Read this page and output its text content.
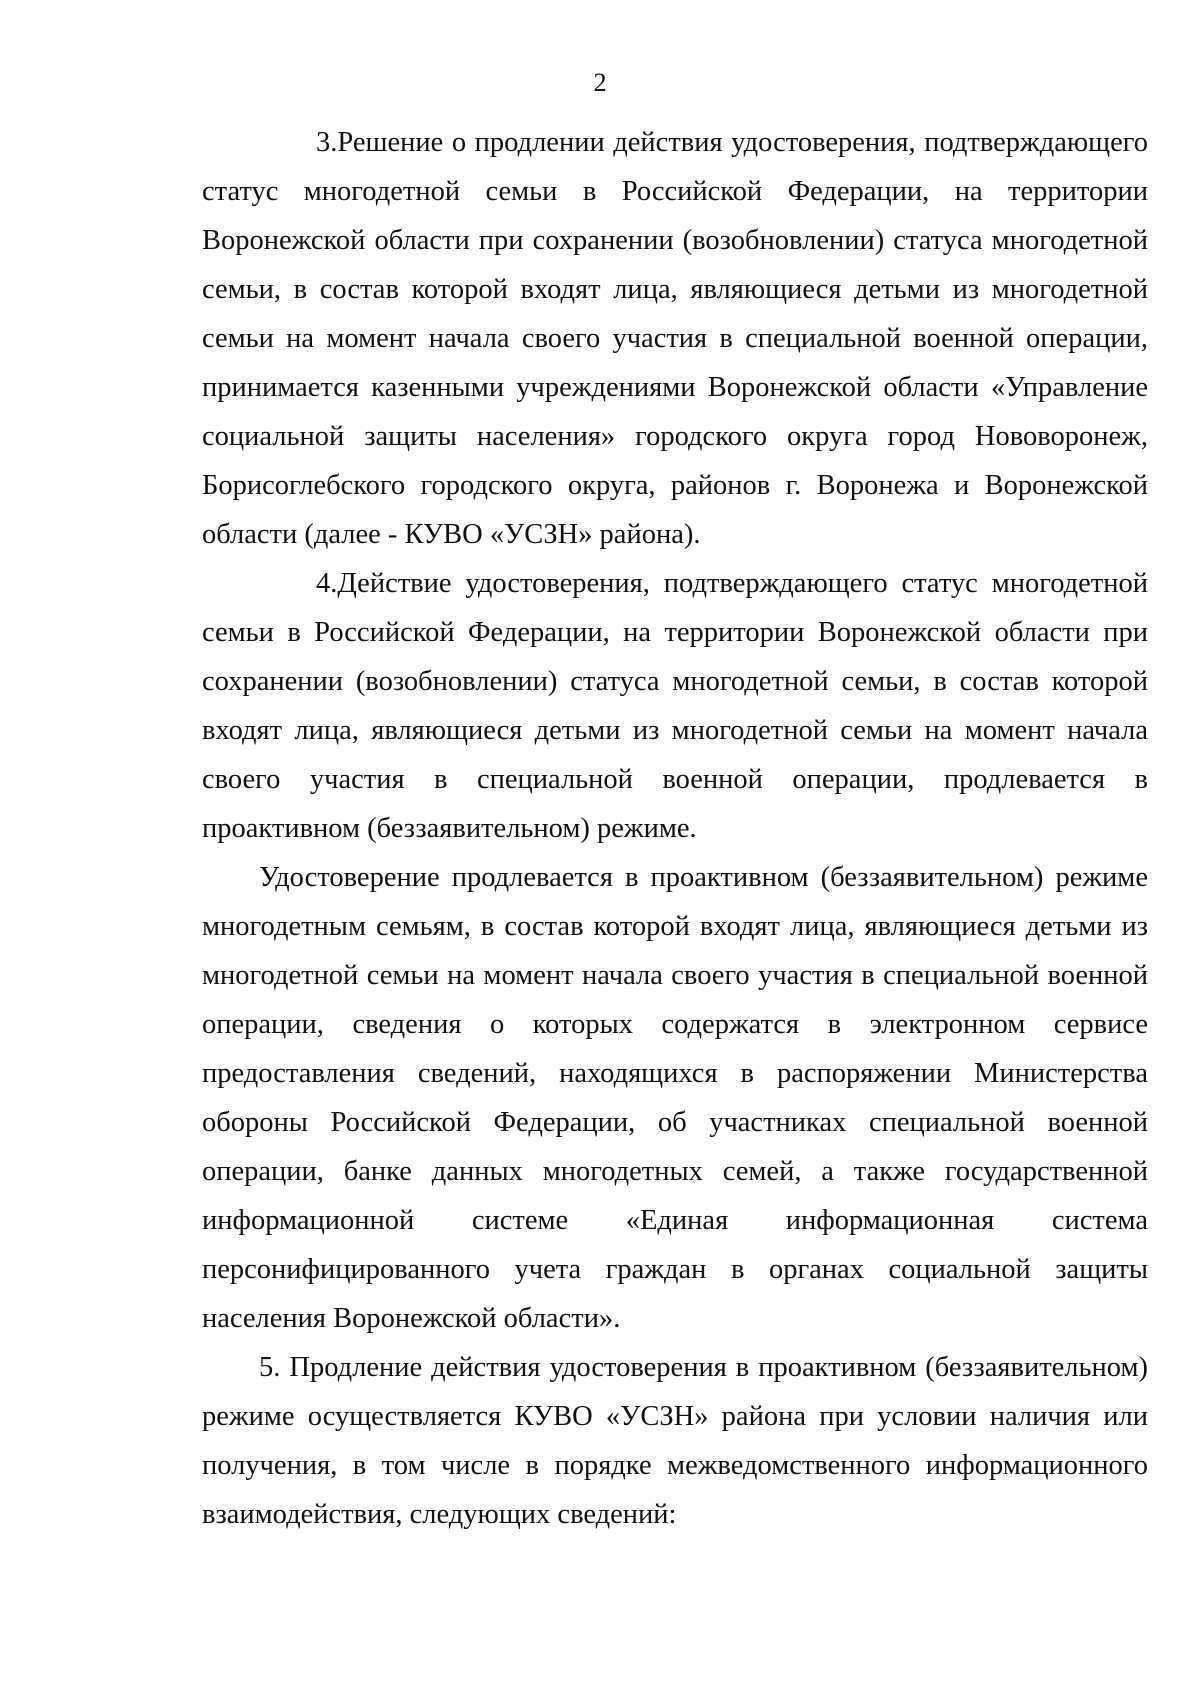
2

3.Решение о продлении действия удостоверения, подтверждающего статус многодетной семьи в Российской Федерации, на территории Воронежской области при сохранении (возобновлении) статуса многодетной семьи, в состав которой входят лица, являющиеся детьми из многодетной семьи на момент начала своего участия в специальной военной операции, принимается казенными учреждениями Воронежской области «Управление социальной защиты населения» городского округа город Нововоронеж, Борисоглебского городского округа, районов г. Воронежа и Воронежской области (далее - КУВО «УСЗН» района).

4.Действие удостоверения, подтверждающего статус многодетной семьи в Российской Федерации, на территории Воронежской области при сохранении (возобновлении) статуса многодетной семьи, в состав которой входят лица, являющиеся детьми из многодетной семьи на момент начала своего участия в специальной военной операции, продлевается в проактивном (беззаявительном) режиме.

Удостоверение продлевается в проактивном (беззаявительном) режиме многодетным семьям, в состав которой входят лица, являющиеся детьми из многодетной семьи на момент начала своего участия в специальной военной операции, сведения о которых содержатся в электронном сервисе предоставления сведений, находящихся в распоряжении Министерства обороны Российской Федерации, об участниках специальной военной операции, банке данных многодетных семей, а также государственной информационной системе «Единая информационная система персонифицированного учета граждан в органах социальной защиты населения Воронежской области».

5. Продление действия удостоверения в проактивном (беззаявительном) режиме осуществляется КУВО «УСЗН» района при условии наличия или получения, в том числе в порядке межведомственного информационного взаимодействия, следующих сведений:
